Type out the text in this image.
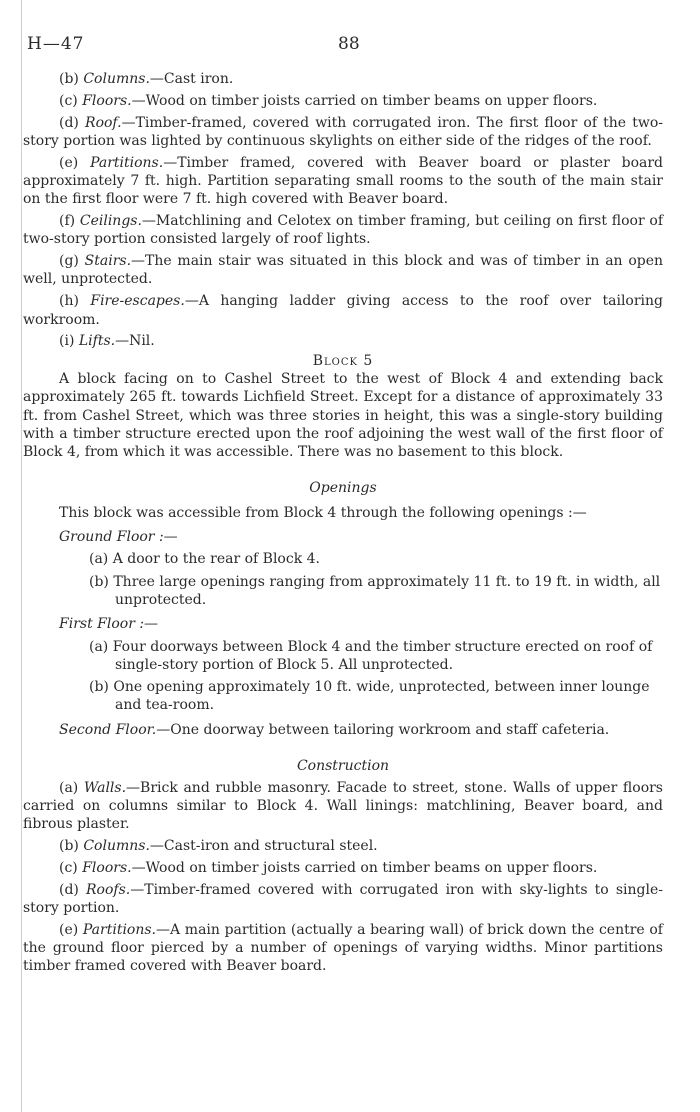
H—47	88

(b) Columns.—Cast iron.

(c) Floors.—Wood on timber joists carried on timber beams on upper floors.

(d) Roof.—Timber-framed, covered with corrugated iron. The first floor of the two-story portion was lighted by continuous skylights on either side of the ridges of the roof.

(e) Partitions.—Timber framed, covered with Beaver board or plaster board approximately 7 ft. high. Partition separating small rooms to the south of the main stair on the first floor were 7 ft. high covered with Beaver board.

(f) Ceilings.—Matchlining and Celotex on timber framing, but ceiling on first floor of two-story portion consisted largely of roof lights.

(g) Stairs.—The main stair was situated in this block and was of timber in an open well, unprotected.

(h) Fire-escapes.—A hanging ladder giving access to the roof over tailoring workroom.

(i) Lifts.—Nil.

Block 5

A block facing on to Cashel Street to the west of Block 4 and extending back approximately 265 ft. towards Lichfield Street. Except for a distance of approximately 33 ft. from Cashel Street, which was three stories in height, this was a single-story building with a timber structure erected upon the roof adjoining the west wall of the first floor of Block 4, from which it was accessible. There was no basement to this block.

Openings

This block was accessible from Block 4 through the following openings :—

Ground Floor :—

(a) A door to the rear of Block 4.

(b) Three large openings ranging from approximately 11 ft. to 19 ft. in width, all unprotected.

First Floor :—

(a) Four doorways between Block 4 and the timber structure erected on roof of single-story portion of Block 5. All unprotected.

(b) One opening approximately 10 ft. wide, unprotected, between inner lounge and tea-room.

Second Floor.—One doorway between tailoring workroom and staff cafeteria.

Construction

(a) Walls.—Brick and rubble masonry. Facade to street, stone. Walls of upper floors carried on columns similar to Block 4. Wall linings: matchlining, Beaver board, and fibrous plaster.

(b) Columns.—Cast-iron and structural steel.

(c) Floors.—Wood on timber joists carried on timber beams on upper floors.

(d) Roofs.—Timber-framed covered with corrugated iron with sky-lights to single-story portion.

(e) Partitions.—A main partition (actually a bearing wall) of brick down the centre of the ground floor pierced by a number of openings of varying widths. Minor partitions timber framed covered with Beaver board.
